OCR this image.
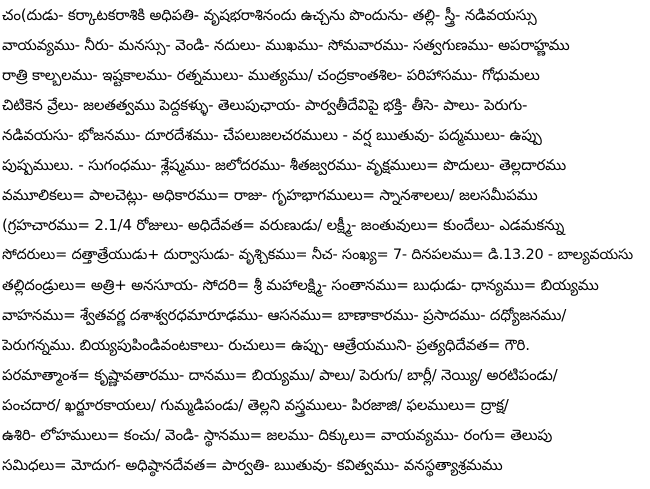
చం(దుడు- కర్కాటకరాశికి అధిపతి- వృషభరాశినందు ఉచ్చను పొందును- తల్లి- స్త్రీ- నడివయస్సు
వాయవ్యము- నీరు- మనస్సు- వెండి- నదులు- ముఖము- సోమవారము- సత్వగుణము- అపరాహ్ణము
రాత్రి కాల్బలము- ఇష్టకాలము- రత్నములు- ముత్యము/ చంద్రకాంతశిల- పరిహాసము- గోధుమలు
చిటికెన వ్రేలు- జలతత్వము పెద్దకళ్ళు- తెలుపుఛాయ- పార్వతీదేవిపై భక్తి- తీసె- పాలు- పెరుగు-
నడివయసు- భోజనము- దూరదేశము- చేపలుజలచరములు - వర్ష ఋతువు- పద్మములు- ఉప్పు
పుష్పములు. - సుగంధము- శ్లేష్మము- జలోదరము- శీతజ్వరము- వృక్షములు= పొదులు- తెల్లదారము
వమూలికలు= పాలచెట్లు- అధికారము= రాజు- గృహభాగములు= స్నానశాలలు/ జలసమీపము
(గ్రహచారము= 2.1/4 రోజులు- అధిదేవత= వరుణుడు/ లక్ష్మీ- జంతువులు= కుందేలు- ఎడమకన్ను
సోదరులు= దత్తాత్రేయుడు+ దుర్వాసుడు- వృశ్చికము= నీచ- సంఖ్య= 7- దినపలము= డి.13.20 - బాల్యవయసు
తల్లిదండ్రులు= అత్రి+ అనసూయ- సోదరి= శ్రీ మహాలక్ష్మి- సంతానము= బుధుడు- ధాన్యము= బియ్యము
వాహనము= శ్వేతవర్ణ దశాశ్వరధమారూఢము- ఆసనము= బాణాకారము- ప్రసాదము- దధ్యోజనము/
పెరుగన్నము. బియ్యపుపిండివంటకాలు- రుచులు= ఉప్పు- ఆత్రేయముని- ప్రత్యధిదేవత= గౌరి.
పరమాత్మాంశ= కృష్ణావతారము- దానము= బియ్యము/ పాలు/ పెరుగు/ బార్లీ/ నెయ్యి/ అరటిపండు/
పంచదార/ ఖర్జూరకాయలు/ గుమ్మడిపండు/ తెల్లని వస్త్రములు- పిరజాజి/ ఫలములు= ద్రాక్ష/
ఉశిరి- లోహములు= కంచు/ వెండి- స్థానము= జలము- దిక్కులు= వాయవ్యము- రంగు= తెలుపు
సమిధలు= మోదుగ- అధిష్ఠానదేవత= పార్వతి- ఋతువు- కవిత్వము- వనస్థత్యాశ్రమము
